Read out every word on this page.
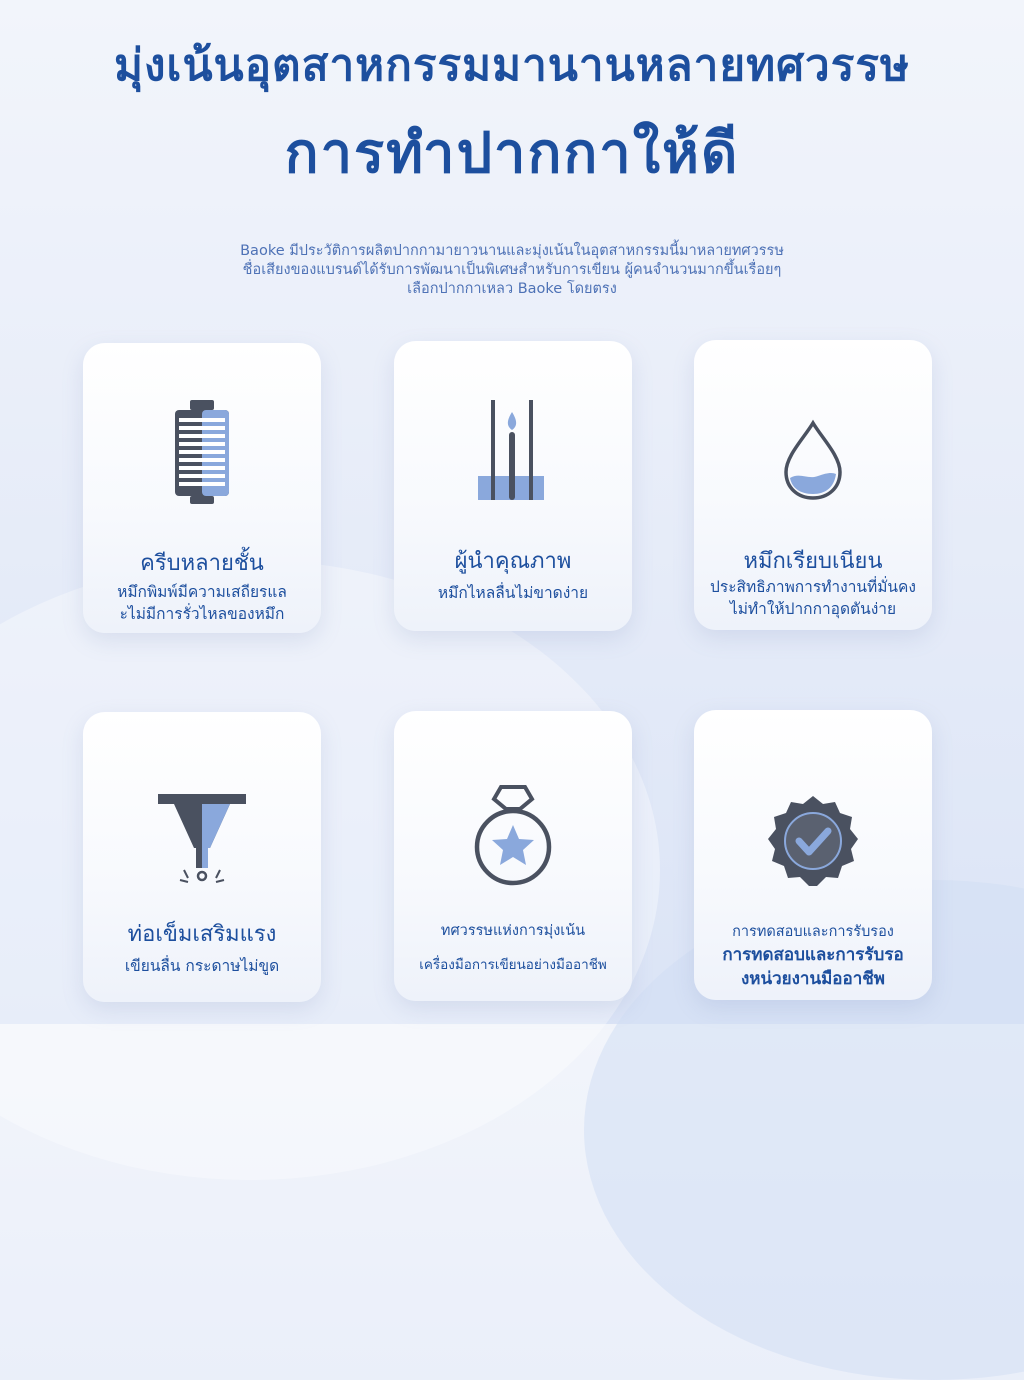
มุ่งเน้นอุตสาหกรรมมานานหลายทศวรรษ
การทำปากกาให้ดี
Baoke มีประวัติการผลิตปากกามายาวนานและมุ่งเน้นในอุตสาหกรรมนี้มาหลายทศวรรษ
ชื่อเสียงของแบรนด์ได้รับการพัฒนาเป็นพิเศษสำหรับการเขียน ผู้คนจำนวนมากขึ้นเรื่อยๆ
เลือกปากกาเหลว Baoke โดยตรง
ครีบหลายชั้น
หมึกพิมพ์มีความเสถียรแล
ะไม่มีการรั่วไหลของหมึก
ผู้นำคุณภาพ
หมึกไหลลื่นไม่ขาดง่าย
หมึกเรียบเนียน
ประสิทธิภาพการทำงานที่มั่นคง
ไม่ทำให้ปากกาอุดตันง่าย
ท่อเข็มเสริมแรง
เขียนลื่น กระดาษไม่ขูด
ทศวรรษแห่งการมุ่งเน้น
เครื่องมือการเขียนอย่างมืออาชีพ
การทดสอบและการรับรอง
การทดสอบและการรับรอ
งหน่วยงานมืออาชีพ
